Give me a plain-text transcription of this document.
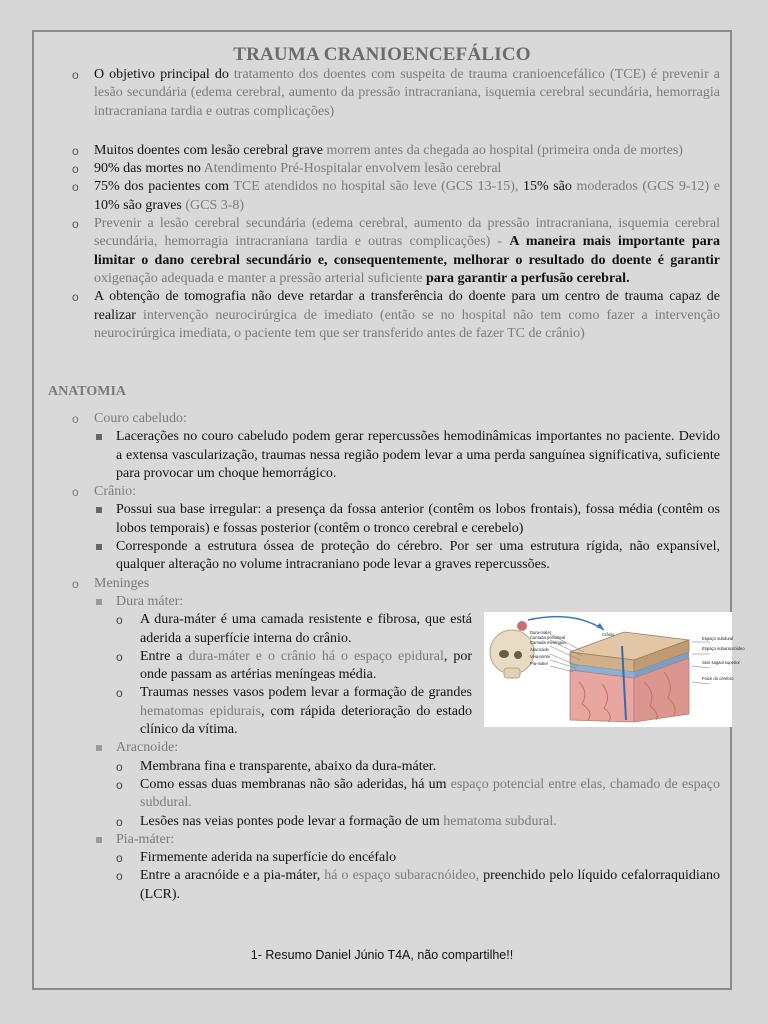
TRAUMA CRANIOENCEFÁLICO
o O objetivo principal do tratamento dos doentes com suspeita de trauma cranioencefálico (TCE) é prevenir a lesão secundária (edema cerebral, aumento da pressão intracraniana, isquemia cerebral secundária, hemorragia intracraniana tardia e outras complicações)
o Muitos doentes com lesão cerebral grave morrem antes da chegada ao hospital (primeira onda de mortes)
o 90% das mortes no Atendimento Pré-Hospitalar envolvem lesão cerebral
o 75% dos pacientes com TCE atendidos no hospital são leve (GCS 13-15), 15% são moderados (GCS 9-12) e 10% são graves (GCS 3-8)
o Prevenir a lesão cerebral secundária (edema cerebral, aumento da pressão intracraniana, isquemia cerebral secundária, hemorragia intracraniana tardia e outras complicações) - A maneira mais importante para limitar o dano cerebral secundário e, consequentemente, melhorar o resultado do doente é garantir oxigenação adequada e manter a pressão arterial suficiente para garantir a perfusão cerebral.
o A obtenção de tomografia não deve retardar a transferência do doente para um centro de trauma capaz de realizar intervenção neurocirúrgica de imediato (então se no hospital não tem como fazer a intervenção neurocirúrgica imediata, o paciente tem que ser transferido antes de fazer TC de crânio)
ANATOMIA
o Couro cabeludo:
Lacerações no couro cabeludo podem gerar repercussões hemodinâmicas importantes no paciente. Devido a extensa vascularização, traumas nessa região podem levar a uma perda sanguínea significativa, suficiente para provocar um choque hemorrágico.
o Crânio:
Possui sua base irregular: a presença da fossa anterior (contêm os lobos frontais), fossa média (contêm os lobos temporais) e fossas posterior (contêm o tronco cerebral e cerebelo)
Corresponde a estrutura óssea de proteção do cérebro. Por ser uma estrutura rígida, não expansível, qualquer alteração no volume intracraniano pode levar a graves repercussões.
o Meninges
Dura máter:
o A dura-máter é uma camada resistente e fibrosa, que está aderida a superfície interna do crânio.
o Entre a dura-máter e o crânio há o espaço epidural, por onde passam as artérias meníngeas média.
o Traumas nesses vasos podem levar a formação de grandes hematomas epidurais, com rápida deterioração do estado clínico da vítima.
Aracnoide:
o Membrana fina e transparente, abaixo da dura-máter.
o Como essas duas membranas não são aderidas, há um espaço potencial entre elas, chamado de espaço subdural.
o Lesões nas veias pontes pode levar a formação de um hematoma subdural.
Pia-máter:
o Firmemente aderida na superfície do encéfalo
o Entre a aracnóide e a pia-máter, há o espaço subaracnóideo, preenchido pelo líquido cefalorraquidiano (LCR).
Dura-máter
Camada periosteal
Camada meníngea
Aracnoide
Veia-ponte
Pia-máter
Crânio
Espaço subdural
Espaço subaracnóideo
Seio sagital superior
Foice do cérebro
1- Resumo Daniel Júnio T4A, não compartilhe!!
